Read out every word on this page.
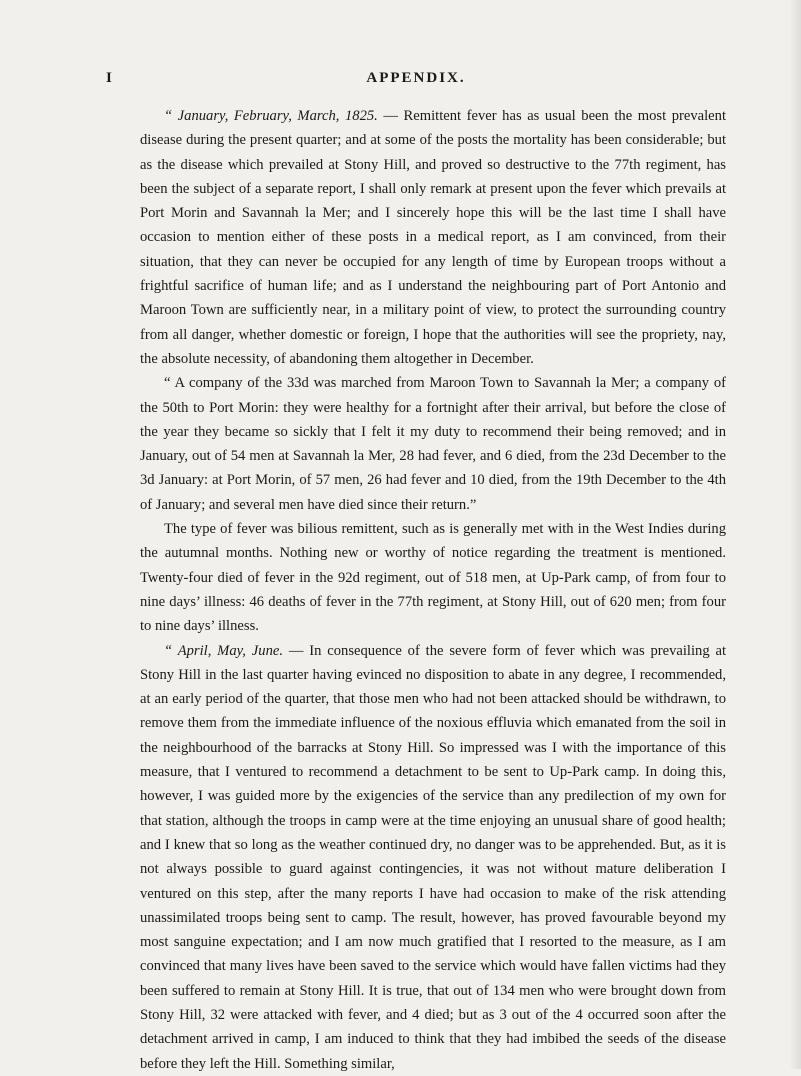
I	APPENDIX.

“ January, February, March, 1825. — Remittent fever has as usual been the most prevalent disease during the present quarter; and at some of the posts the mortality has been considerable; but as the disease which prevailed at Stony Hill, and proved so destructive to the 77th regiment, has been the subject of a separate report, I shall only remark at present upon the fever which prevails at Port Morin and Savannah la Mer; and I sincerely hope this will be the last time I shall have occasion to mention either of these posts in a medical report, as I am convinced, from their situation, that they can never be occupied for any length of time by European troops without a frightful sacrifice of human life; and as I understand the neighbouring part of Port Antonio and Maroon Town are sufficiently near, in a military point of view, to protect the surrounding country from all danger, whether domestic or foreign, I hope that the authorities will see the propriety, nay, the absolute necessity, of abandoning them altogether in December.

“ A company of the 33d was marched from Maroon Town to Savannah la Mer; a company of the 50th to Port Morin: they were healthy for a fortnight after their arrival, but before the close of the year they became so sickly that I felt it my duty to recommend their being removed; and in January, out of 54 men at Savannah la Mer, 28 had fever, and 6 died, from the 23d December to the 3d January: at Port Morin, of 57 men, 26 had fever and 10 died, from the 19th December to the 4th of January; and several men have died since their return.”

The type of fever was bilious remittent, such as is generally met with in the West Indies during the autumnal months. Nothing new or worthy of notice regarding the treatment is mentioned. Twenty-four died of fever in the 92d regiment, out of 518 men, at Up-Park camp, of from four to nine days’ illness: 46 deaths of fever in the 77th regiment, at Stony Hill, out of 620 men; from four to nine days’ illness.

“ April, May, June. — In consequence of the severe form of fever which was prevailing at Stony Hill in the last quarter having evinced no disposition to abate in any degree, I recommended, at an early period of the quarter, that those men who had not been attacked should be withdrawn, to remove them from the immediate influence of the noxious effluvia which emanated from the soil in the neighbourhood of the barracks at Stony Hill. So impressed was I with the importance of this measure, that I ventured to recommend a detachment to be sent to Up-Park camp. In doing this, however, I was guided more by the exigencies of the service than any predilection of my own for that station, although the troops in camp were at the time enjoying an unusual share of good health; and I knew that so long as the weather continued dry, no danger was to be apprehended. But, as it is not always possible to guard against contingencies, it was not without mature deliberation I ventured on this step, after the many reports I have had occasion to make of the risk attending unassimilated troops being sent to camp. The result, however, has proved favourable beyond my most sanguine expectation; and I am now much gratified that I resorted to the measure, as I am convinced that many lives have been saved to the service which would have fallen victims had they been suffered to remain at Stony Hill. It is true, that out of 134 men who were brought down from Stony Hill, 32 were attacked with fever, and 4 died; but as 3 out of the 4 occurred soon after the detachment arrived in camp, I am induced to think that they had imbibed the seeds of the disease before they left the Hill. Something similar,
